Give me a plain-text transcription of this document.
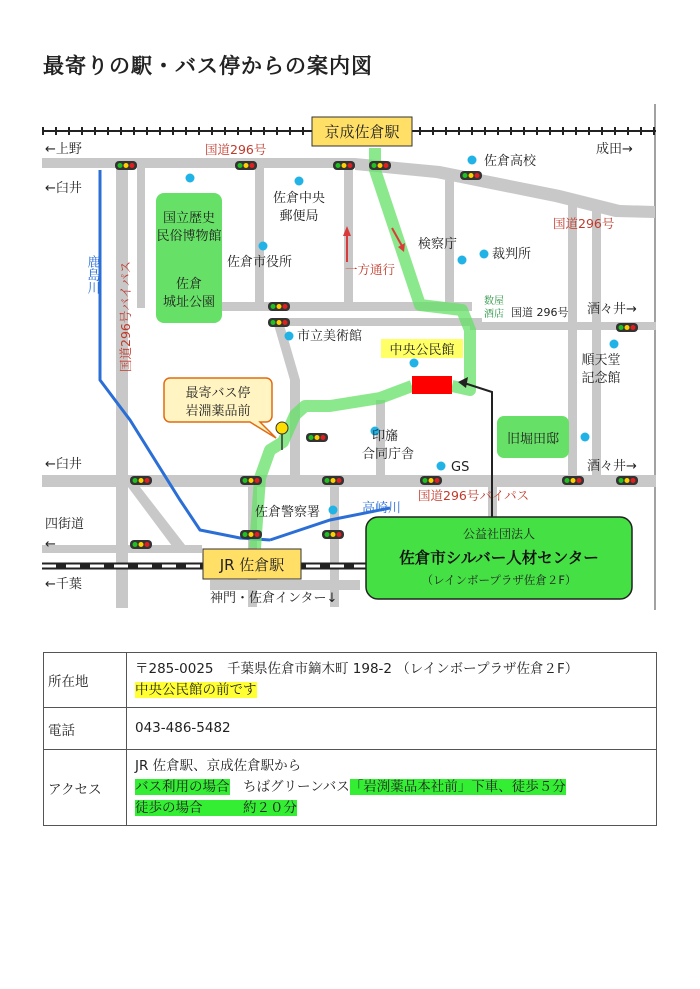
最寄りの駅・バス停からの案内図
京成佐倉駅
JR 佐倉駅
←上野	成田→
←臼井
←臼井
酒々井→
酒々井→
四街道
←
←千葉
神門・佐倉インター↓
国道296号
国道296号
一方通行
国道296号バイパス
国道296号バイパス	国道 296号
鹿島川
高崎川
国立歴史
民俗博物館
佐倉
城址公園
佐倉中央
郵便局
佐倉市役所
市立美術館
佐倉高校
検察庁
裁判所
順天堂
記念館
旧堀田邸
印旛
合同庁舎
GS
佐倉警察署
数屋
酒店
中央公民館
最寄バス停
岩淵薬品前
公益社団法人
佐倉市シルバー人材センター
（レインボープラザ佐倉２F）
所在地	〒285-0025　千葉県佐倉市鏑木町 198-2 （レインボープラザ佐倉２F）
中央公民館の前です
電話	043-486-5482
アクセス	JR 佐倉駅、京成佐倉駅から
バス利用の場合　ちばグリーンバス「岩渕薬品本社前」下車、徒歩５分
徒歩の場合　　　約２０分
